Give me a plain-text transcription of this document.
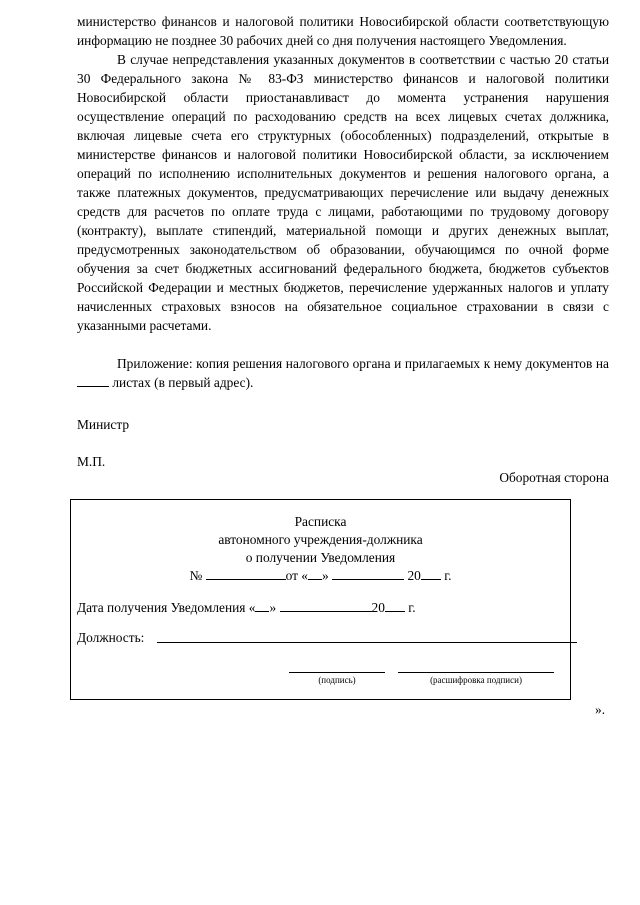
министерство финансов и налоговой политики Новосибирской области соответствующую информацию не позднее 30 рабочих дней со дня получения настоящего Уведомления.

В случае непредставления указанных документов в соответствии с частью 20 статьи 30 Федерального закона № 83-ФЗ министерство финансов и налоговой политики Новосибирской области приостанавливаст до момента устранения нарушения осуществление операций по расходованию средств на всех лицевых счетах должника, включая лицевые счета его структурных (обособленных) подразделений, открытые в министерстве финансов и налоговой политики Новосибирской области, за исключением операций по исполнению исполнительных документов и решения налогового органа, а также платежных документов, предусматривающих перечисление или выдачу денежных средств для расчетов по оплате труда с лицами, работающими по трудовому договору (контракту), выплате стипендий, материальной помощи и других денежных выплат, предусмотренных законодательством об образовании, обучающимся по очной форме обучения за счет бюджетных ассигнований федерального бюджета, бюджетов субъектов Российской Федерации и местных бюджетов, перечисление удержанных налогов и уплату начисленных страховых взносов на обязательное социальное страховании в связи с указанными расчетами.

Приложение: копия решения налогового органа и прилагаемых к нему документов на  листах (в первый адрес).

Министр
М.П.
Оборотная сторона
Расписка
автономного учреждения-должника
о получении Уведомления
№	от « »	20 г.
Дата получения Уведомления « »	20 г.
Должность:
(подпись)	(расшифровка подписи)
».
